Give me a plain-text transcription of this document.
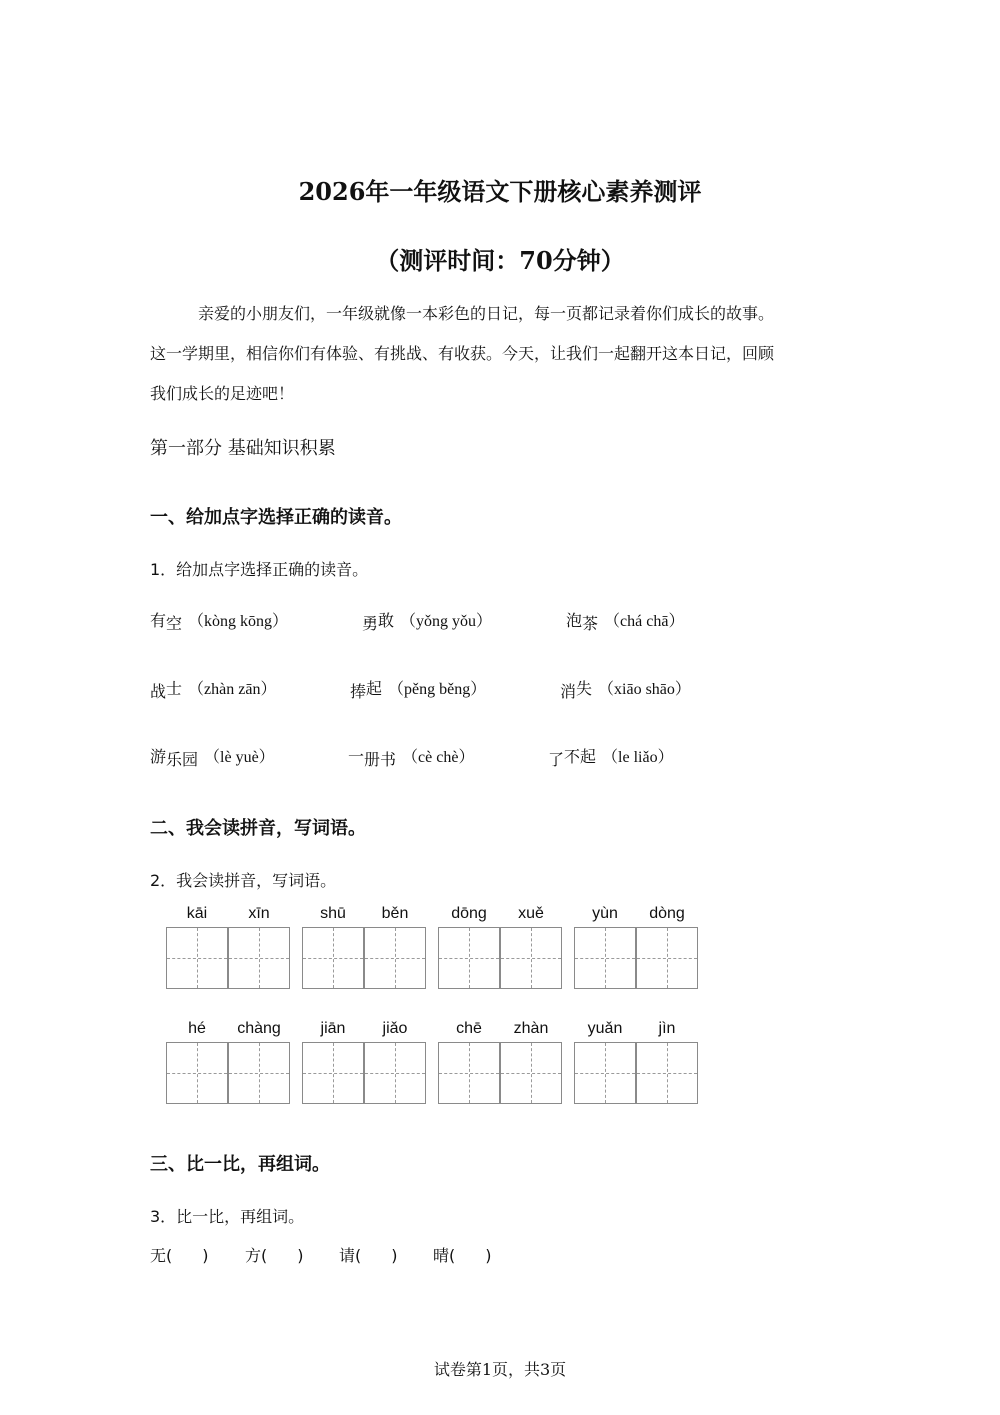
2026年一年级语文下册核心素养测评
（测评时间：70分钟）
亲爱的小朋友们，一年级就像一本彩色的日记，每一页都记录着你们成长的故事。
这一学期里，相信你们有体验、有挑战、有收获。今天，让我们一起翻开这本日记，回顾
我们成长的足迹吧！
第一部分 基础知识积累
一、给加点字选择正确的读音。
1．给加点字选择正确的读音。
有空 （kòng kōng）	勇敢 （yǒng yǒu）	泡茶 （chá chā）
战士 （zhàn zān）	捧起 （pěng běng）	消失 （xiāo shāo）
游乐园 （lè yuè）	一册书 （cè chè）	了不起 （le liǎo）
二、我会读拼音，写词语。
2．我会读拼音，写词语。
kāi	xīn	shū	běn	dōng	xuě	yùn	dòng
hé	chàng	jiān	jiǎo	chē	zhàn	yuǎn	jìn
三、比一比，再组词。
3．比一比，再组词。
无( ) 方( ) 请( ) 晴( )
试卷第1页，共3页
